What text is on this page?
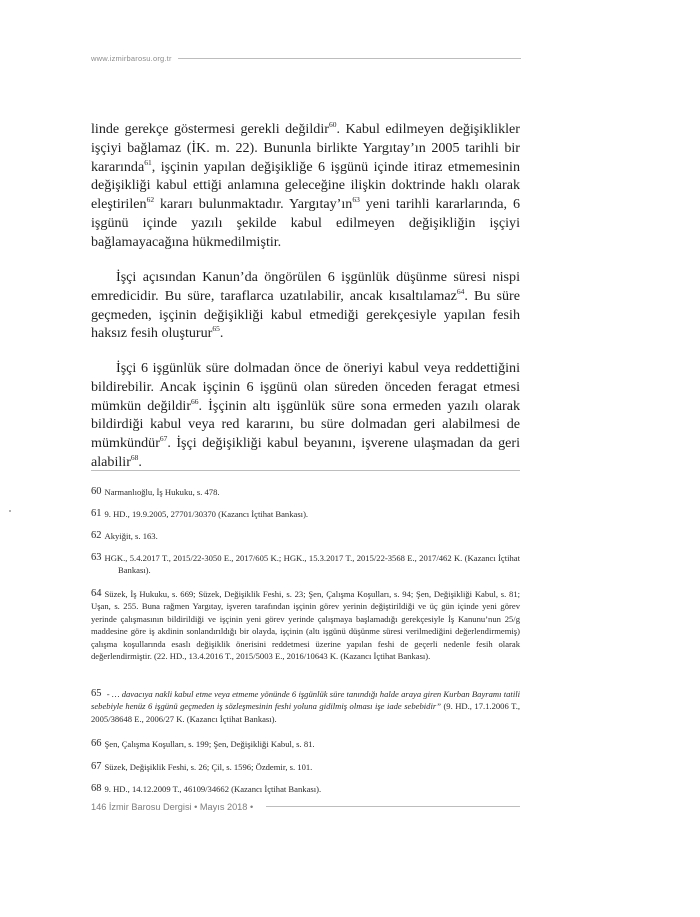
www.izmirbarosu.org.tr

linde gerekçe göstermesi gerekli değildir$^{60}$. Kabul edilmeyen değişiklikler işçiyi bağlamaz (İK. m. 22). Bununla birlikte Yargıtay’ın 2005 tarihli bir kararında$^{61}$, işçinin yapılan değişikliğe 6 işgünü içinde itiraz etmemesinin değişikliği kabul ettiği anlamına geleceğine ilişkin doktrinde haklı olarak eleştirilen$^{62}$ kararı bulunmaktadır. $Yargıtay’ın^{63}$ yeni tarihli kararlarında, 6 işgünü içinde yazılı şekilde kabul edilmeyen değişikliğin işçiyi bağlamayacağına hükmedilmiştir.

İşçi açısından Kanun’da öngörülen 6 işgünlük düşünme süresi nispi emredicidir. Bu süre, taraflarca uzatılabilir, ancak kısaltılamaz$^{64}$. Bu süre geçmeden, işçinin değişikliği kabul etmediği gerekçesiyle yapılan fesih haksız fesih oluşturur$^{65}$.

İşçi 6 işgünlük süre dolmadan önce de öneriyi kabul veya reddettiğini bildirebilir. Ancak işçinin 6 işgünü olan süreden önceden feragat etmesi mümkün değildir$^{66}$. İşçinin altı işgünlük süre sona ermeden yazılı olarak bildirdiği kabul veya red kararını, bu süre dolmadan geri alabilmesi de mümkündür$^{67}$. İşçi değişikliği kabul beyanını, işverene ulaşmadan da geri alabilir$^{68}$.

60 Narmanlıoğlu, İş Hukuku, s. 478.
61 9. HD., 19.9.2005, 27701/30370 (Kazancı İçtihat Bankası).
62 Akyiğit, s. 163.
63 HGK., 5.4.2017 T., 2015/22-3050 E., 2017/605 K.; HGK., 15.3.2017 T., 2015/22-3568 E., 2017/462 K. (Kazancı İçtihat Bankası).
64 Süzek, İş Hukuku, s. 669; Süzek, Değişiklik Feshi, s. 23; Şen, Çalışma Koşulları, s. 94; Şen, Değişikliği Kabul, s. 81; Uşan, s. 255. Buna rağmen Yargıtay, işveren tarafından işçinin görev yerinin değiştirildiği ve üç gün içinde yeni görev yerinde çalışmasının bildirildiği ve işçinin yeni görev yerinde çalışmaya başlamadığı gerekçesiyle İş Kanunu’nun 25/g maddesine göre iş akdinin sonlandırıldığı bir olayda, işçinin (altı işgünü düşünme süresi verilmediğini değerlendirmemiş) çalışma koşullarında esaslı değişiklik önerisini reddetmesi üzerine yapılan feshi de geçerli nedenle fesih olarak değerlendirmiştir. (22. HD., 13.4.2016 T., 2015/5003 E., 2016/10643 K. (Kazancı İçtihat Bankası).
65 - … davacıya nakli kabul etme veya etmeme yönünde 6 işgünlük süre tanındığı halde araya giren Kurban Bayramı tatili sebebiyle henüz 6 işgünü geçmeden iş sözleşmesinin feshi yoluna gidilmiş olması işe iade sebebidir” (9. HD., 17.1.2006 T., 2005/38648 E., 2006/27 K. (Kazancı İçtihat Bankası).
66 Şen, Çalışma Koşulları, s. 199; Şen, Değişikliği Kabul, s. 81.
67 Süzek, Değişiklik Feshi, s. 26; Çil, s. 1596; Özdemir, s. 101.
68 9. HD., 14.12.2009 T., 46109/34662 (Kazancı İçtihat Bankası).
146 İzmir Barosu Dergisi • Mayıs 2018 •
